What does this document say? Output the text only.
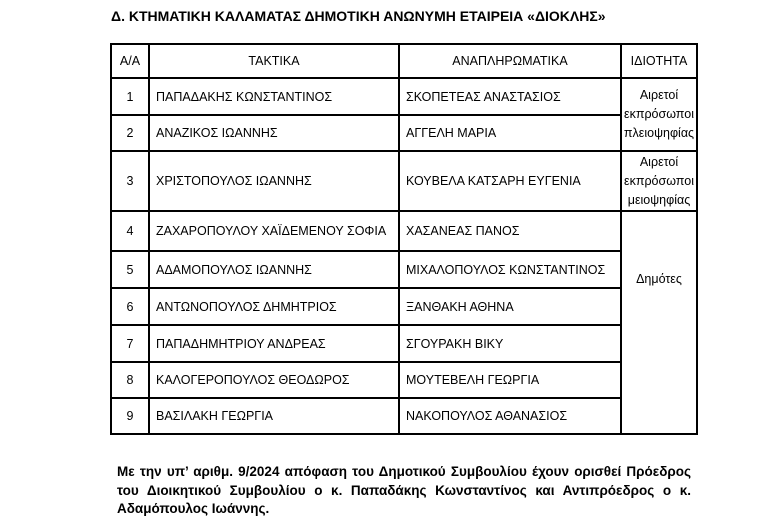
Δ. ΚΤΗΜΑΤΙΚΗ ΚΑΛΑΜΑΤΑΣ ΔΗΜΟΤΙΚΗ ΑΝΩΝΥΜΗ ΕΤΑΙΡΕΙΑ «ΔΙΟΚΛΗΣ»
Α/Α	ΤΑΚΤΙΚΑ	ΑΝΑΠΛΗΡΩΜΑΤΙΚΑ	ΙΔΙΟΤΗΤΑ
1	ΠΑΠΑΔΑΚΗΣ ΚΩΝΣΤΑΝΤΙΝΟΣ	ΣΚΟΠΕΤΕΑΣ ΑΝΑΣΤΑΣΙΟΣ	Αιρετοί
εκπρόσωποι
πλειοψηφίας

2	ΑΝΑΖΙΚΟΣ ΙΩΑΝΝΗΣ	ΑΓΓΕΛΗ ΜΑΡΙΑ	
3	ΧΡΙΣΤΟΠΟΥΛΟΣ ΙΩΑΝΝΗΣ	ΚΟΥΒΕΛΑ ΚΑΤΣΑΡΗ ΕΥΓΕΝΙΑ	Αιρετοί
εκπρόσωποι
μειοψηφίας

4	ΖΑΧΑΡΟΠΟΥΛΟΥ ΧΑΪΔΕΜΕΝΟΥ ΣΟΦΙΑ	ΧΑΣΑΝΕΑΣ ΠΑΝΟΣ	Δημότες
5	ΑΔΑΜΟΠΟΥΛΟΣ ΙΩΑΝΝΗΣ	ΜΙΧΑΛΟΠΟΥΛΟΣ ΚΩΝΣΤΑΝΤΙΝΟΣ	
6	ΑΝΤΩΝΟΠΟΥΛΟΣ ΔΗΜΗΤΡΙΟΣ	ΞΑΝΘΑΚΗ ΑΘΗΝΑ	
7	ΠΑΠΑΔΗΜΗΤΡΙΟΥ ΑΝΔΡΕΑΣ	ΣΓΟΥΡΑΚΗ ΒΙΚΥ	
8	ΚΑΛΟΓΕΡΟΠΟΥΛΟΣ ΘΕΟΔΩΡΟΣ	ΜΟΥΤΕΒΕΛΗ ΓΕΩΡΓΙΑ	
9	ΒΑΣΙΛΑΚΗ ΓΕΩΡΓΙΑ	ΝΑΚΟΠΟΥΛΟΣ ΑΘΑΝΑΣΙΟΣ	
Με την υπ’ αριθμ. 9/2024 απόφαση του Δημοτικού Συμβουλίου έχουν ορισθεί Πρόεδρος του Διοικητικού Συμβουλίου ο κ. Παπαδάκης Κωνσταντίνος και Αντιπρόεδρος ο κ. Αδαμόπουλος Ιωάννης.
